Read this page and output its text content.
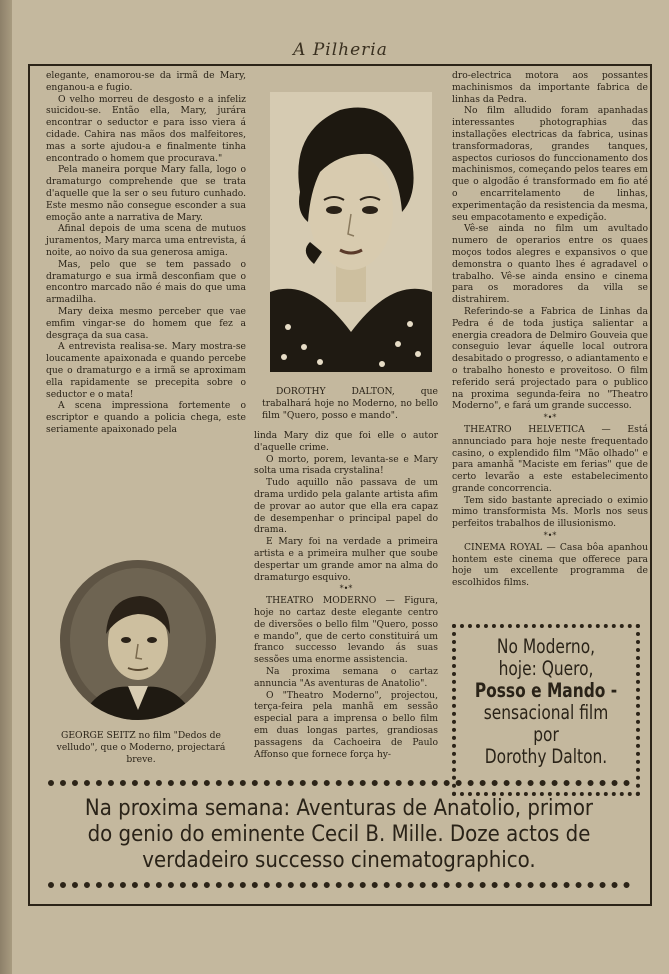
A Pilheria

elegante, enamorou-se da irmã de Mary, enganou-a e fugio.

O velho morreu de desgosto e a infeliz suicidou-se. Então ella, Mary, jurára encontrar o seductor e para isso viera á cidade. Cahira nas mãos dos malfeitores, mas a sorte ajudou-a e finalmente tinha encontrado o homem que procurava."

Pela maneira porque Mary falla, logo o dramaturgo comprehende que se trata d'aquelle que la ser o seu futuro cunhado. Este mesmo não consegue esconder a sua emoção ante a narrativa de Mary.

Afinal depois de uma scena de mutuos juramentos, Mary marca uma entrevista, á noite, ao noivo da sua generosa amiga.

Mas, pelo que se tem passado o dramaturgo e sua irmã desconfiam que o encontro marcado não é mais do que uma armadilha.

Mary deixa mesmo perceber que vae emfim vingar-se do homem que fez a desgraça da sua casa.

A entrevista realisa-se. Mary mostra-se loucamente apaixonada e quando percebe que o dramaturgo e a irmã se aproximam ella rapidamente se precepita sobre o seductor e o mata!

A scena impressiona fortemente o escriptor e quando a policia chega, este seriamente apaixonado pela

DOROTHY DALTON, que trabalhará hoje no Moderno, no bello film "Quero, posso e mando".
GEORGE SEITZ no film "Dedos de velludo", que o Moderno, projectará breve.

linda Mary diz que foi elle o autor d'aquelle crime.

O morto, porem, levanta-se e Mary solta uma risada crystalina!

Tudo aquillo não passava de um drama urdido pela galante artista afim de provar ao autor que ella era capaz de desempenhar o principal papel do drama.

E Mary foi na verdade a primeira artista e a primeira mulher que soube despertar um grande amor na alma do dramaturgo esquivo.

*•*

THEATRO MODERNO — Figura, hoje no cartaz deste elegante centro de diversões o bello film "Quero, posso e mando", que de certo constituirá um franco successo levando ás suas sessões uma enorme assistencia.

Na proxima semana o cartaz annuncia "As aventuras de Anatolio".

O "Theatro Moderno", projectou, terça-feira pela manhã em sessão especial para a imprensa o bello film em duas longas partes, grandiosas passagens da Cachoeira de Paulo Affonso que fornece força hy-

dro-electrica motora aos possantes machinismos da importante fabrica de linhas da Pedra.

No film alludido foram apanhadas interessantes photographias das installações electricas da fabrica, usinas transformadoras, grandes tanques, aspectos curiosos do funccionamento dos machinismos, começando pelos teares em que o algodão é transformado em fio até o encarritelamento de linhas, experimentação da resistencia da mesma, seu empacotamento e expedição.

Vê-se ainda no film um avultado numero de operarios entre os quaes moços todos alegres e expansivos o que demonstra o quanto lhes é agradavel o trabalho. Vê-se ainda ensino e cinema para os moradores da villa se distrahirem.

Referindo-se a Fabrica de Linhas da Pedra é de toda justiça salientar a energia creadora de Delmiro Gouveia que conseguio levar áquelle local outrora desabitado o progresso, o adiantamento e o trabalho honesto e proveitoso. O film referido será projectado para o publico na proxima segunda-feira no "Theatro Moderno", e fará um grande successo.

*•*

THEATRO HELVETICA — Está annunciado para hoje neste frequentado casino, o explendido film "Mão olhado" e para amanhã "Maciste em ferias" que de certo levarão a este estabelecimento grande concorrencia.

Tem sido bastante apreciado o eximio mimo transformista Ms. Morls nos seus perfeitos trabalhos de illusionismo.

*•*

CINEMA ROYAL — Casa bôa apanhou hontem este cinema que offerece para hoje um excellente programma de escolhidos films.

No Moderno,
hoje: Quero,
Posso e Mando -
sensacional film
por
Dorothy Dalton.
Na proxima semana: Aventuras de Anatolio, primor
do genio do eminente Cecil B. Mille. Doze actos de
verdadeiro successo cinematographico.
